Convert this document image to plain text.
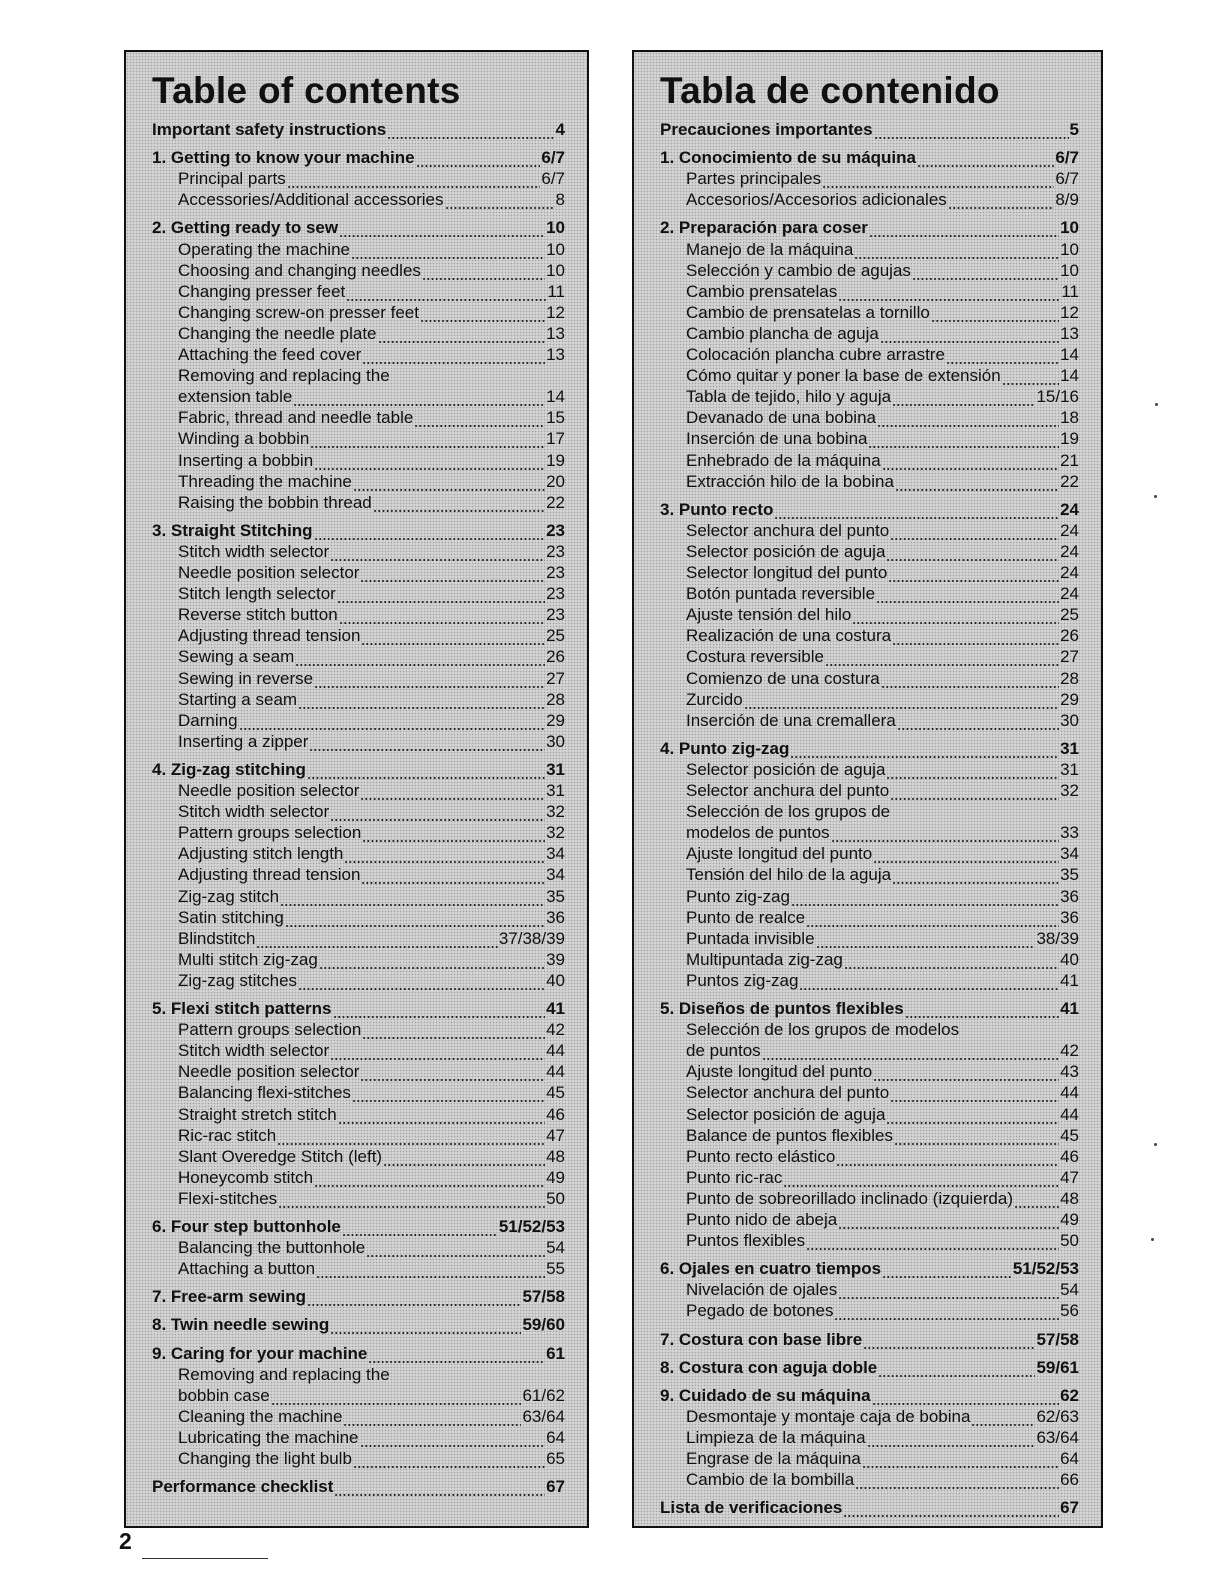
Table of contents
Important safety instructions	4
1. Getting to know your machine	6/7
Principal parts	6/7
Accessories/Additional accessories	8
2. Getting ready to sew	10
Operating the machine	10
Choosing and changing needles	10
Changing presser feet	11
Changing screw-on presser feet	12
Changing the needle plate	13
Attaching the feed cover	13
Removing and replacing the
extension table	14
Fabric, thread and needle table	15
Winding a bobbin	17
Inserting a bobbin	19
Threading the machine	20
Raising the bobbin thread	22
3. Straight Stitching	23
Stitch width selector	23
Needle position selector	23
Stitch length selector	23
Reverse stitch button	23
Adjusting thread tension	25
Sewing a seam	26
Sewing in reverse	27
Starting a seam	28
Darning	29
Inserting a zipper	30
4. Zig-zag stitching	31
Needle position selector	31
Stitch width selector	32
Pattern groups selection	32
Adjusting stitch length	34
Adjusting thread tension	34
Zig-zag stitch	35
Satin stitching	36
Blindstitch	37/38/39
Multi stitch zig-zag	39
Zig-zag stitches	40
5. Flexi stitch patterns	41
Pattern groups selection	42
Stitch width selector	44
Needle position selector	44
Balancing flexi-stitches	45
Straight stretch stitch	46
Ric-rac stitch	47
Slant Overedge Stitch (left)	48
Honeycomb stitch	49
Flexi-stitches	50
6. Four step buttonhole	51/52/53
Balancing the buttonhole	54
Attaching a button	55
7. Free-arm sewing	57/58
8. Twin needle sewing	59/60
9. Caring for your machine	61
Removing and replacing the
bobbin case	61/62
Cleaning the machine	63/64
Lubricating the machine	64
Changing the light bulb	65
Performance checklist	67
Tabla de contenido
Precauciones importantes	5
1. Conocimiento de su máquina	6/7
Partes principales	6/7
Accesorios/Accesorios adicionales	8/9
2. Preparación para coser	10
Manejo de la máquina	10
Selección y cambio de agujas	10
Cambio prensatelas	11
Cambio de prensatelas a tornillo	12
Cambio plancha de aguja	13
Colocación plancha cubre arrastre	14
Cómo quitar y poner la base de extensión	14
Tabla de tejido, hilo y aguja	15/16
Devanado de una bobina	18
Inserción de una bobina	19
Enhebrado de la máquina	21
Extracción hilo de la bobina	22
3. Punto recto	24
Selector anchura del punto	24
Selector posición de aguja	24
Selector longitud del punto	24
Botón puntada reversible	24
Ajuste tensión del hilo	25
Realización de una costura	26
Costura reversible	27
Comienzo de una costura	28
Zurcido	29
Inserción de una cremallera	30
4. Punto zig-zag	31
Selector posición de aguja	31
Selector anchura del punto	32
Selección de los grupos de
modelos de puntos	33
Ajuste longitud del punto	34
Tensión del hilo de la aguja	35
Punto zig-zag	36
Punto de realce	36
Puntada invisible	38/39
Multipuntada zig-zag	40
Puntos zig-zag	41
5. Diseños de puntos flexibles	41
Selección de los grupos de modelos
de puntos	42
Ajuste longitud del punto	43
Selector anchura del punto	44
Selector posición de aguja	44
Balance de puntos flexibles	45
Punto recto elástico	46
Punto ric-rac	47
Punto de sobreorillado inclinado (izquierda)	48
Punto nido de abeja	49
Puntos flexibles	50
6. Ojales en cuatro tiempos	51/52/53
Nivelación de ojales	54
Pegado de botones	56
7. Costura con base libre	57/58
8. Costura con aguja doble	59/61
9. Cuidado de su máquina	62
Desmontaje y montaje caja de bobina	62/63
Limpieza de la máquina	63/64
Engrase de la máquina	64
Cambio de la bombilla	66
Lista de verificaciones	67

2
